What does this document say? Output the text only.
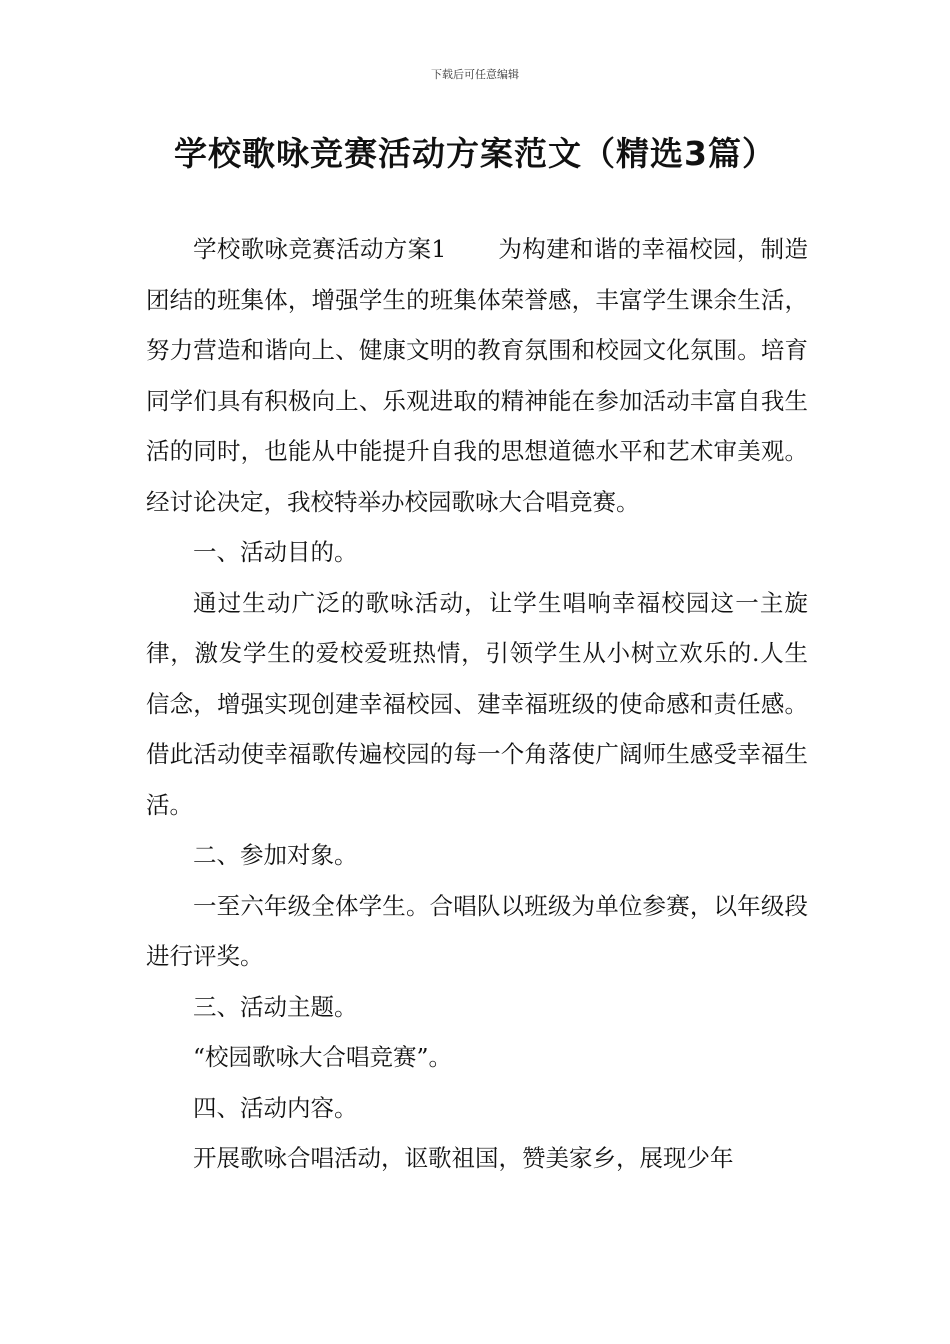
下载后可任意编辑
学校歌咏竞赛活动方案范文（精选3篇）

学校歌咏竞赛活动方案1 为构建和谐的幸福校园，制造团结的班集体，增强学生的班集体荣誉感，丰富学生课余生活，努力营造和谐向上、健康文明的教育氛围和校园文化氛围。培育同学们具有积极向上、乐观进取的精神能在参加活动丰富自我生活的同时，也能从中能提升自我的思想道德水平和艺术审美观。经讨论决定，我校特举办校园歌咏大合唱竞赛。

一、活动目的。

通过生动广泛的歌咏活动，让学生唱响幸福校园这一主旋律，激发学生的爱校爱班热情，引领学生从小树立欢乐的.人生信念，增强实现创建幸福校园、建幸福班级的使命感和责任感。借此活动使幸福歌传遍校园的每一个角落使广阔师生感受幸福生活。

二、参加对象。

一至六年级全体学生。合唱队以班级为单位参赛，以年级段进行评奖。

三、活动主题。

“校园歌咏大合唱竞赛”。

四、活动内容。

开展歌咏合唱活动，讴歌祖国，赞美家乡，展现少年
